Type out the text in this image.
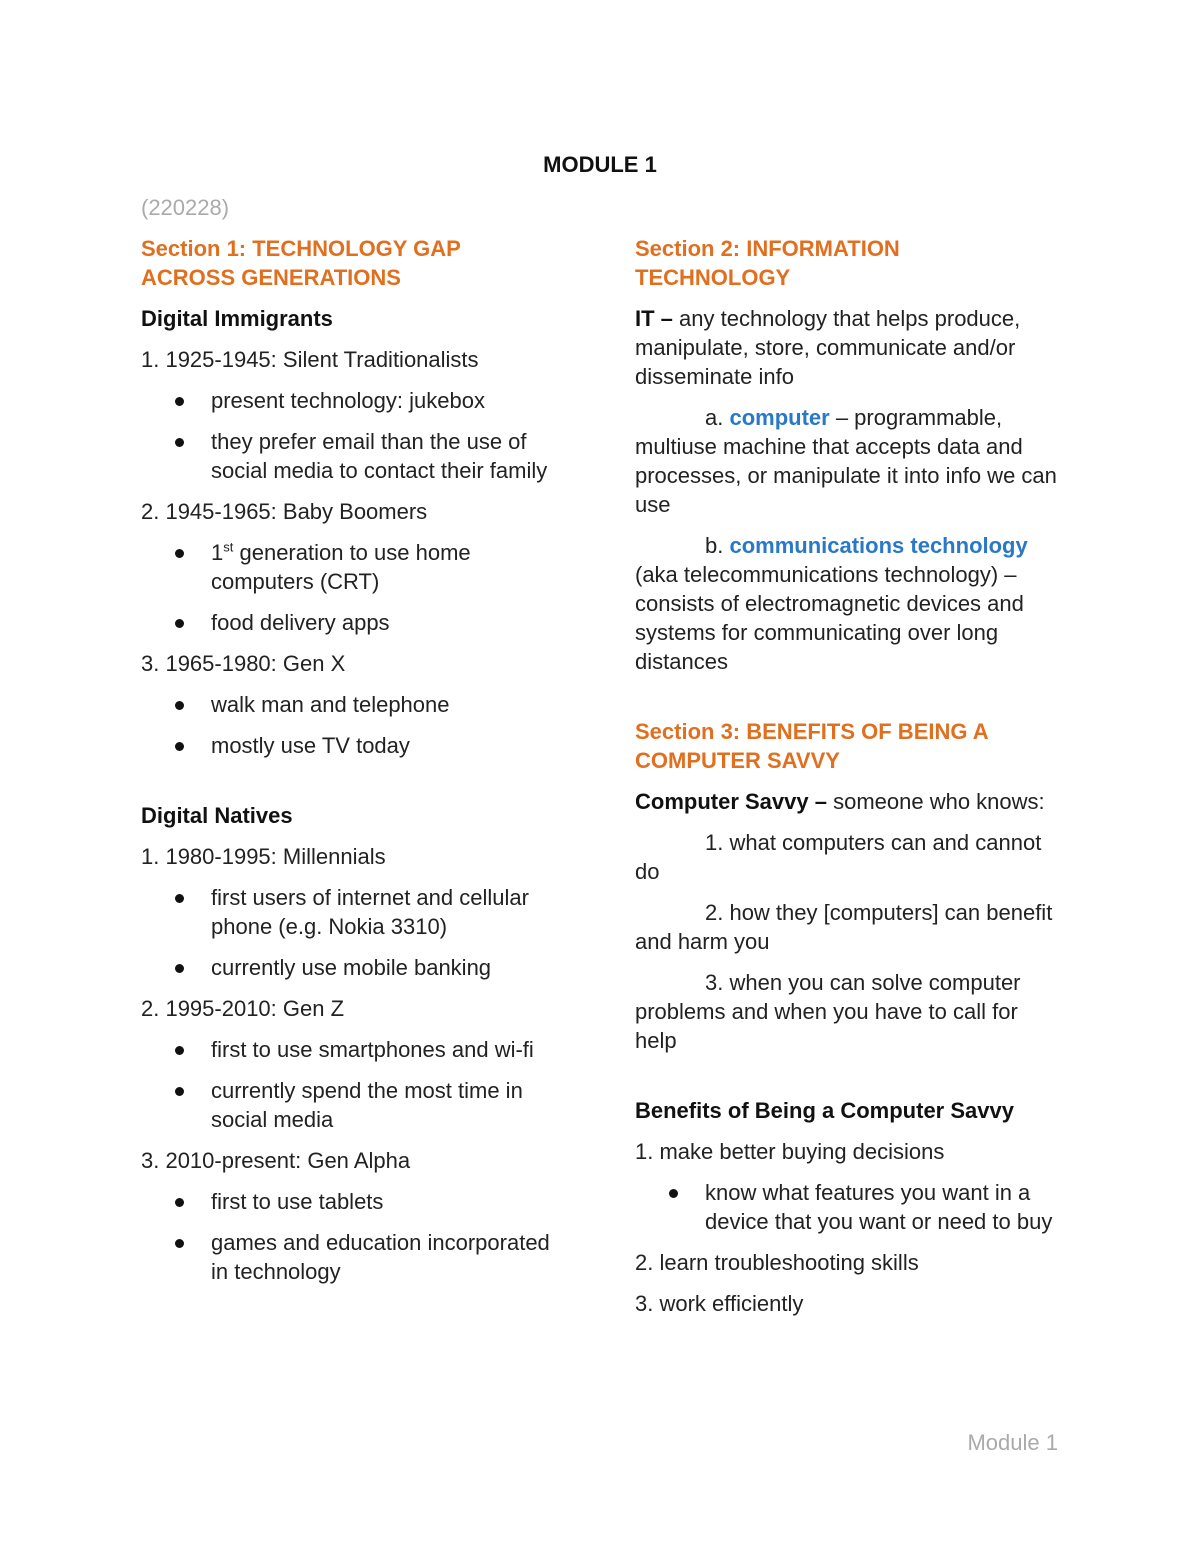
MODULE 1
(220228)
Section 1: TECHNOLOGY GAP
ACROSS GENERATIONS
Digital Immigrants
1. 1925-1945: Silent Traditionalists
present technology: jukebox
they prefer email than the use of social media to contact their family
2. 1945-1965: Baby Boomers
1st generation to use home computers (CRT)
food delivery apps
3. 1965-1980: Gen X
walk man and telephone
mostly use TV today
Digital Natives
1. 1980-1995: Millennials
first users of internet and cellular phone (e.g. Nokia 3310)
currently use mobile banking
2. 1995-2010: Gen Z
first to use smartphones and wi-fi
currently spend the most time in social media
3. 2010-present: Gen Alpha
first to use tablets
games and education incorporated in technology
Section 2: INFORMATION
TECHNOLOGY
IT – any technology that helps produce, manipulate, store, communicate and/or disseminate info
a. computer – programmable, multiuse machine that accepts data and processes, or manipulate it into info we can use
b. communications technology (aka telecommunications technology) – consists of electromagnetic devices and systems for communicating over long distances
Section 3: BENEFITS OF BEING A
COMPUTER SAVVY
Computer Savvy – someone who knows:
1. what computers can and cannot do
2. how they [computers] can benefit and harm you
3. when you can solve computer problems and when you have to call for help
Benefits of Being a Computer Savvy
1. make better buying decisions
know what features you want in a device that you want or need to buy
2. learn troubleshooting skills
3. work efficiently
Module 1
